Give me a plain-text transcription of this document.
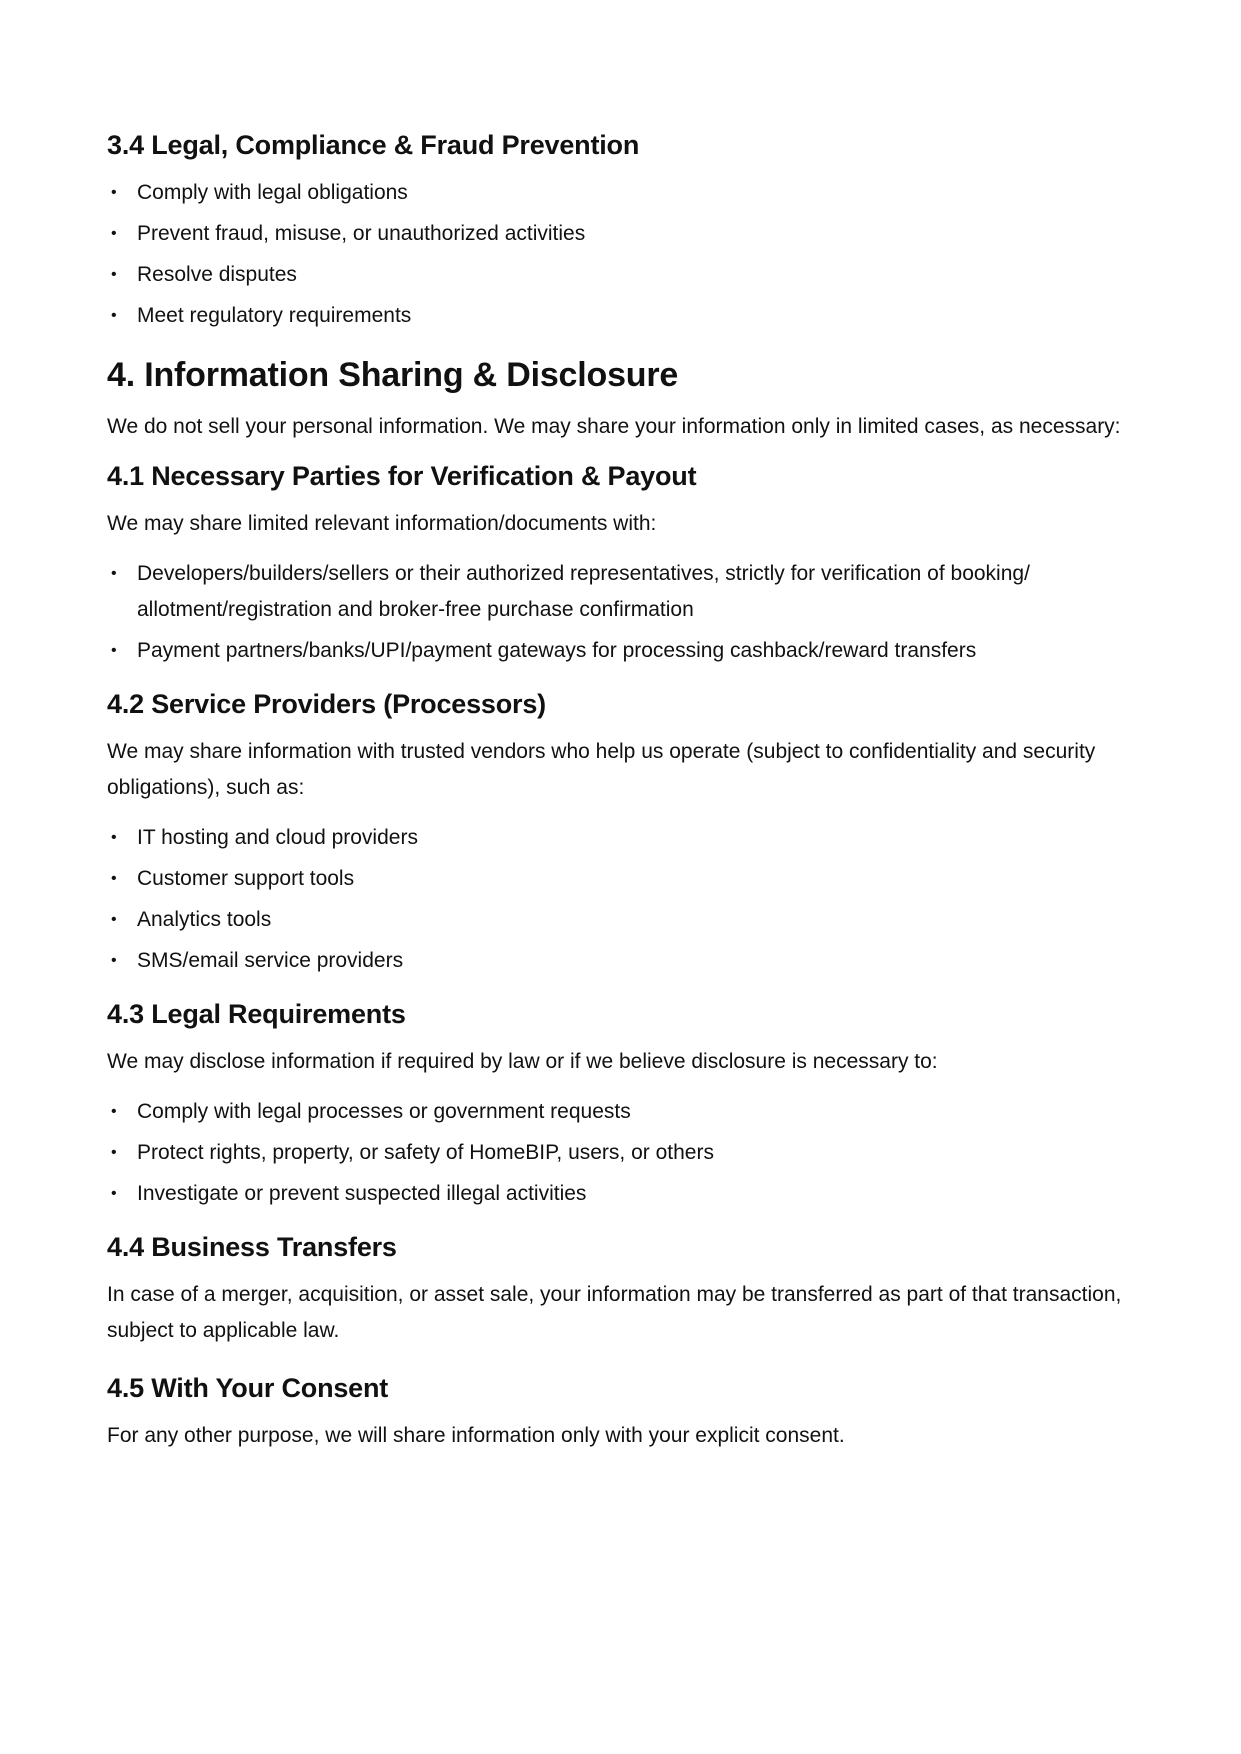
3.4 Legal, Compliance & Fraud Prevention
• Comply with legal obligations
• Prevent fraud, misuse, or unauthorized activities
• Resolve disputes
• Meet regulatory requirements
4. Information Sharing & Disclosure

We do not sell your personal information. We may share your information only in limited cases, as necessary:

4.1 Necessary Parties for Verification & Payout

We may share limited relevant information/documents with:

• Developers/builders/sellers or their authorized representatives, strictly for verification of booking/ allotment/registration and broker-free purchase confirmation
• Payment partners/banks/UPI/payment gateways for processing cashback/reward transfers
4.2 Service Providers (Processors)

We may share information with trusted vendors who help us operate (subject to confidentiality and security obligations), such as:

• IT hosting and cloud providers
• Customer support tools
• Analytics tools
• SMS/email service providers
4.3 Legal Requirements

We may disclose information if required by law or if we believe disclosure is necessary to:

• Comply with legal processes or government requests
• Protect rights, property, or safety of HomeBIP, users, or others
• Investigate or prevent suspected illegal activities
4.4 Business Transfers

In case of a merger, acquisition, or asset sale, your information may be transferred as part of that transaction, subject to applicable law.

4.5 With Your Consent

For any other purpose, we will share information only with your explicit consent.
